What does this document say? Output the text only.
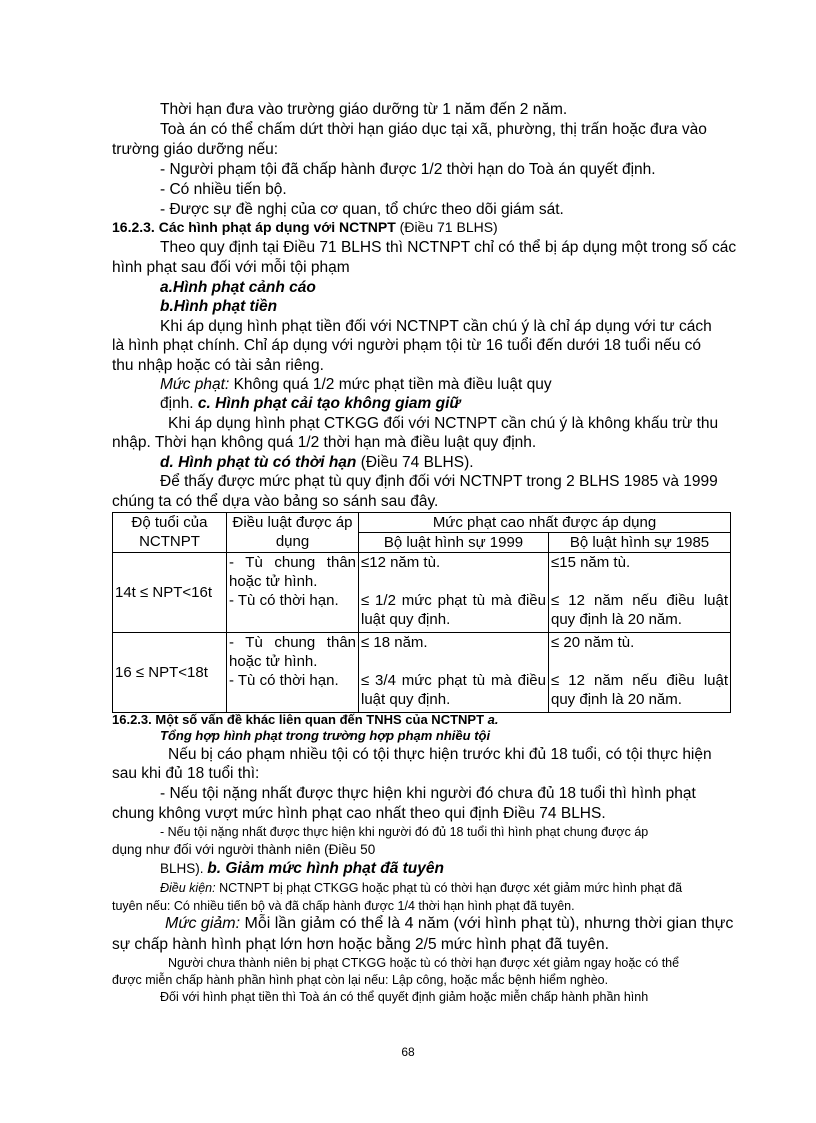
Thời hạn đưa vào trường giáo dưỡng từ 1 năm đến 2 năm.
Toà án có thể chấm dứt thời hạn giáo dục tại xã, phường, thị trấn hoặc đưa vào
trường giáo dưỡng nếu:
- Người phạm tội đã chấp hành được 1/2 thời hạn do Toà án quyết định.
- Có nhiều tiến bộ.
- Được sự đề nghị của cơ quan, tổ chức theo dõi giám sát.
16.2.3. Các hình phạt áp dụng với NCTNPT (Điều 71 BLHS)
Theo quy định tại Điều 71 BLHS thì NCTNPT chỉ có thể bị áp dụng một trong số các
hình phạt sau đối với mỗi tội phạm
a.Hình phạt cảnh cáo
b.Hình phạt tiền
Khi áp dụng hình phạt tiền đối với NCTNPT cần chú ý là chỉ áp dụng với tư cách
là hình phạt chính. Chỉ áp dụng với người phạm tội từ 16 tuổi đến dưới 18 tuổi nếu có
thu nhập hoặc có tài sản riêng.
Mức phạt: Không quá 1/2 mức phạt tiền mà điều luật quy
định. c. Hình phạt cải tạo không giam giữ
Khi áp dụng hình phạt CTKGG đối với NCTNPT cần chú ý là không khấu trừ thu
nhập. Thời hạn không quá 1/2 thời hạn mà điều luật quy định.
d. Hình phạt tù có thời hạn (Điều 74 BLHS).
Để thấy được mức phạt tù quy định đối với NCTNPT trong 2 BLHS 1985 và 1999
chúng ta có thể dựa vào bảng so sánh sau đây.
Độ tuổi của
NCTNPT	Điều luật được áp
dụng	Mức phạt cao nhất được áp dụng	
		Bộ luật hình sự 1999	Bộ luật hình sự 1985
14t ≤ NPT<16t	- Tù chung thân
hoặc tử hình.
- Tù có thời hạn.	≤12 năm tù.

≤ 1/2 mức phạt tù mà điều
luật quy định.	≤15 năm tù.

≤ 12 năm nếu điều luật
quy định là 20 năm.

16 ≤ NPT<18t	- Tù chung thân
hoặc tử hình.
- Tù có thời hạn.	≤ 18 năm.

≤ 3/4 mức phạt tù mà điều
luật quy định.	≤ 20 năm tù.

≤ 12 năm nếu điều luật
quy định là 20 năm.
16.2.3. Một số vấn đề khác liên quan đến TNHS của NCTNPT a.
Tổng hợp hình phạt trong trường hợp phạm nhiều tội
Nếu bị cáo phạm nhiều tội có tội thực hiện trước khi đủ 18 tuổi, có tội thực hiện
sau khi đủ 18 tuổi thì:
- Nếu tội nặng nhất được thực hiện khi người đó chưa đủ 18 tuổi thì hình phạt
chung không vượt mức hình phạt cao nhất theo qui định Điều 74 BLHS.
- Nếu tội nặng nhất được thực hiện khi người đó đủ 18 tuổi thì hình phạt chung được áp
dụng như đối với người thành niên (Điều 50
BLHS). b. Giảm mức hình phạt đã tuyên
Điều kiện: NCTNPT bị phạt CTKGG hoặc phạt tù có thời hạn được xét giảm mức hình phạt đã
tuyên nếu: Có nhiều tiến bộ và đã chấp hành được 1/4 thời hạn hình phạt đã tuyên.
Mức giảm: Mỗi lần giảm có thể là 4 năm (với hình phạt tù), nhưng thời gian thực
sự chấp hành hình phạt lớn hơn hoặc bằng 2/5 mức hình phạt đã tuyên.
Người chưa thành niên bị phạt CTKGG hoặc tù có thời hạn được xét giảm ngay hoặc có thể
được miễn chấp hành phần hình phạt còn lại nếu: Lập công, hoặc mắc bệnh hiểm nghèo.
Đối với hình phạt tiền thì Toà án có thể quyết định giảm hoặc miễn chấp hành phần hình
68
